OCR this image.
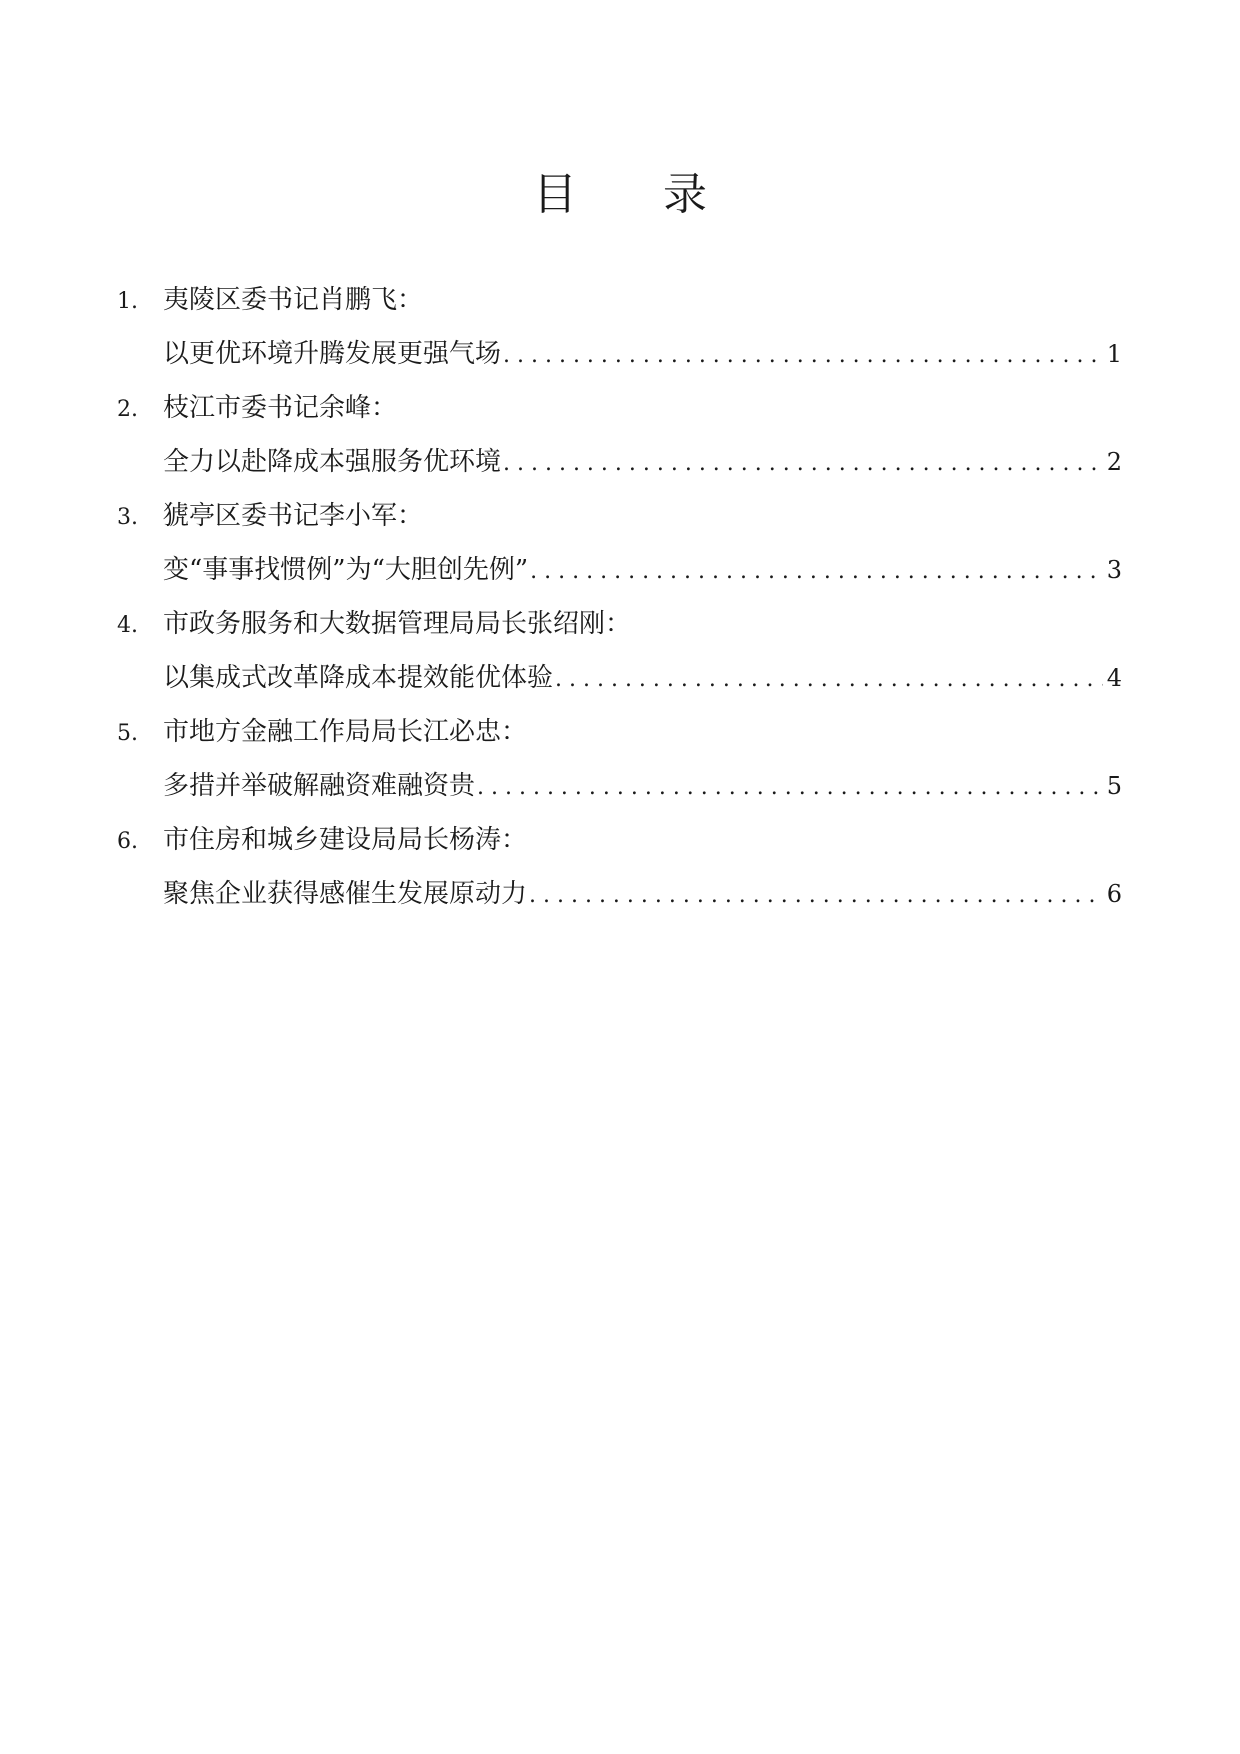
目 录
1. 夷陵区委书记肖鹏飞：
以更优环境升腾发展更强气场 . . .	1
2. 枝江市委书记余峰：
全力以赴降成本强服务优环境 . . .	2
3. 猇亭区委书记李小军：
变“事事找惯例”为“大胆创先例” . . .	3
4. 市政务服务和大数据管理局局长张绍刚：
以集成式改革降成本提效能优体验 . . .	4
5. 市地方金融工作局局长江必忠：
多措并举破解融资难融资贵 . . .	5
6. 市住房和城乡建设局局长杨涛：
聚焦企业获得感催生发展原动力 . . .	6
